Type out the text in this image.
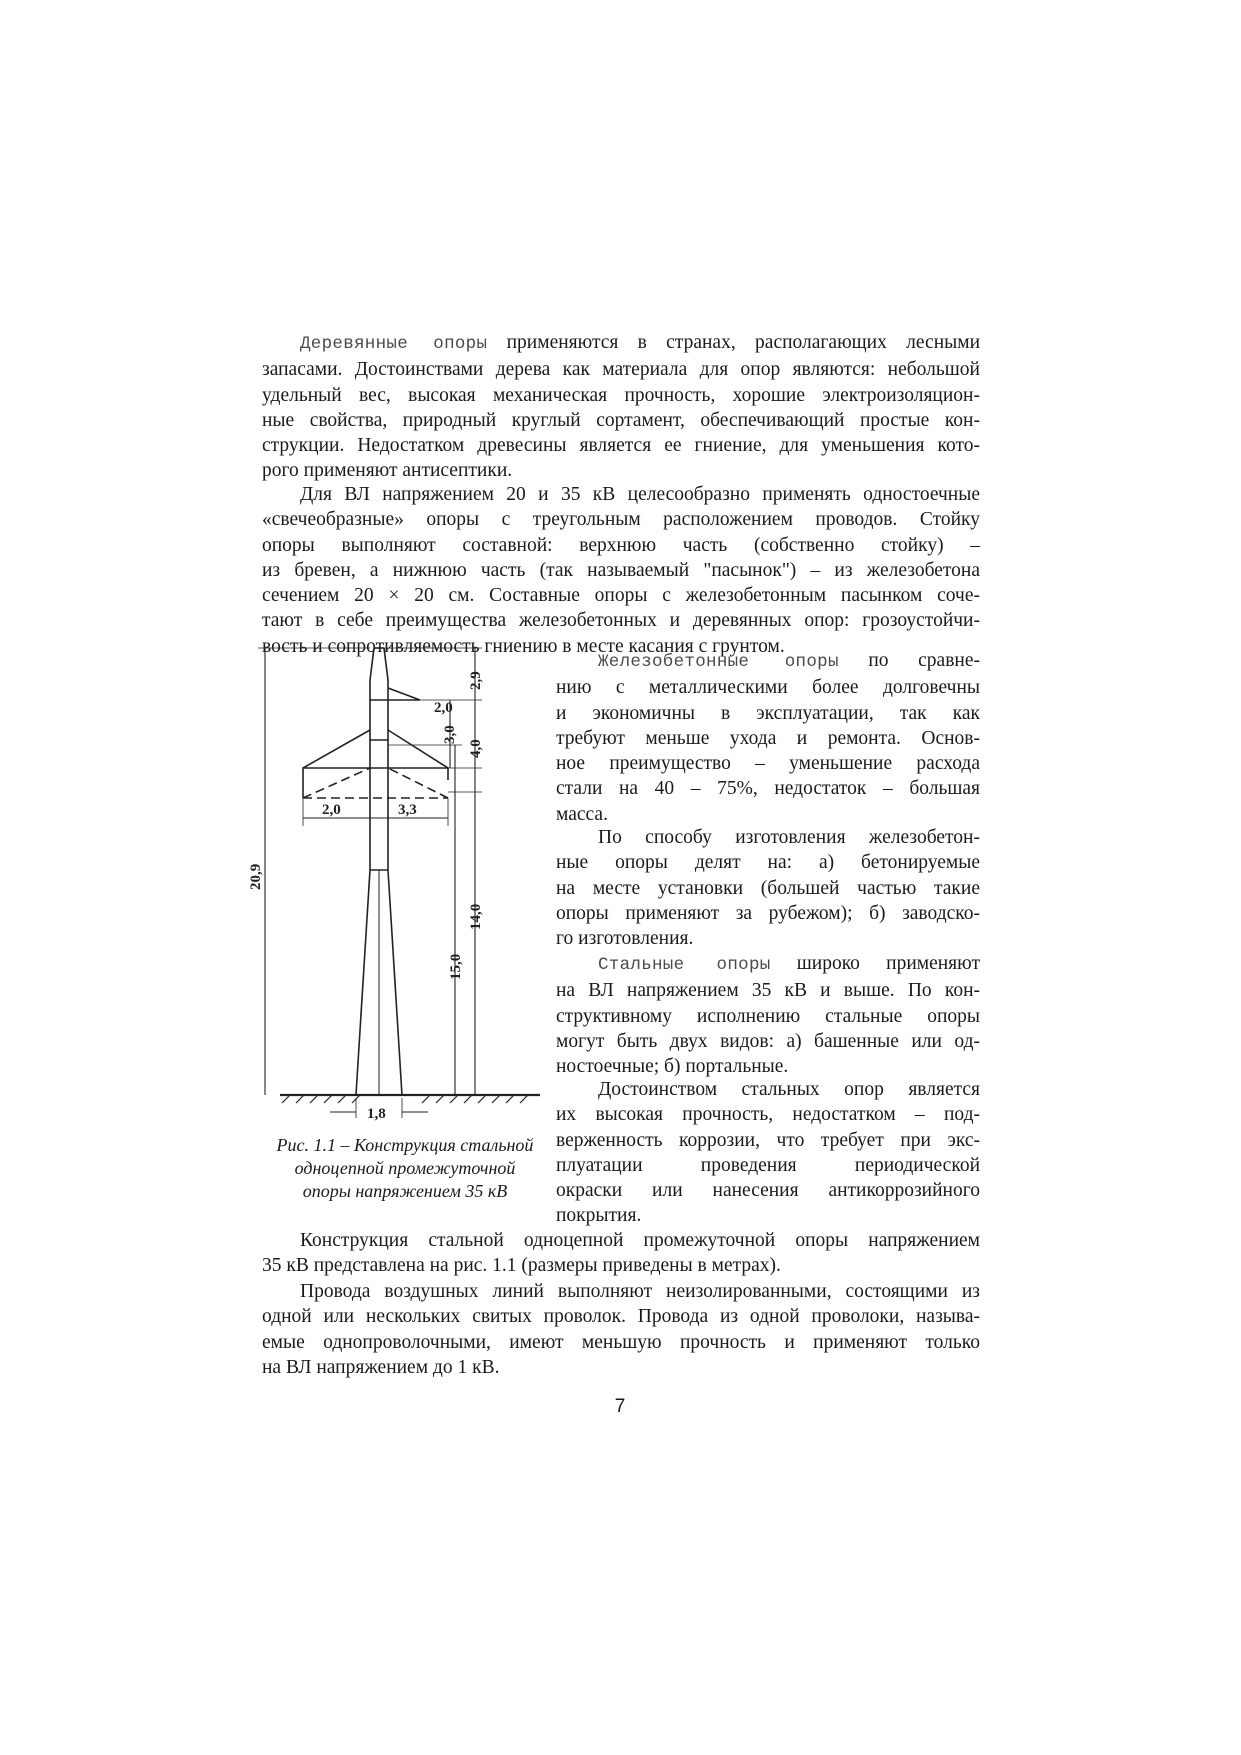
Деревянные опоры применяются в странах, располагающих лесными
запасами. Достоинствами дерева как материала для опор являются: небольшой
удельный вес, высокая механическая прочность, хорошие электроизоляцион-
ные свойства, природный круглый сортамент, обеспечивающий простые кон-
струкции. Недостатком древесины является ее гниение, для уменьшения кото-
рого применяют антисептики.
Для ВЛ напряжением 20 и 35 кВ целесообразно применять одностоечные
«свечеобразные» опоры с треугольным расположением проводов. Стойку
опоры выполняют составной: верхнюю часть (собственно стойку) –
из бревен, а нижнюю часть (так называемый "пасынок") – из железобетона
сечением 20 × 20 см. Составные опоры с железобетонным пасынком сочe-
тают в себе преимущества железобетонных и деревянных опор: грозоустойчи-
вость и сопротивляемость гниению в месте касания с грунтом.
2,0
2,0	3,3
1,8
20,9
2,9
3,0
4,0
14,0
15,0
Рис. 1.1 – Конструкция стальной
одноцепной промежуточной
опоры напряжением 35 кВ
Железобетонные опоры по сравне-
нию с металлическими более долговечны
и экономичны в эксплуатации, так как
требуют меньше ухода и ремонта. Основ-
ное преимущество – уменьшение расхода
стали на 40 – 75%, недостаток – большая
масса.
По способу изготовления железобетон-
ные опоры делят на: а) бетонируемые
на месте установки (большей частью такие
опоры применяют за рубежом); б) заводско-
го изготовления.
Стальные опоры широко применяют
на ВЛ напряжением 35 кВ и выше. По кон-
структивному исполнению стальные опоры
могут быть двух видов: а) башенные или од-
ностоечные; б) портальные.
Достоинством стальных опор является
их высокая прочность, недостатком – под-
верженность коррозии, что требует при экс-
плуатации проведения периодической
окраски или нанесения антикоррозийного
покрытия.
Конструкция стальной одноцепной промежуточной опоры напряжением
35 кВ представлена на рис. 1.1 (размеры приведены в метрах).
Провода воздушных линий выполняют неизолированными, состоящими из
одной или нескольких свитых проволок. Провода из одной проволоки, называ-
емые однопроволочными, имеют меньшую прочность и применяют только
на ВЛ напряжением до 1 кВ.
7
